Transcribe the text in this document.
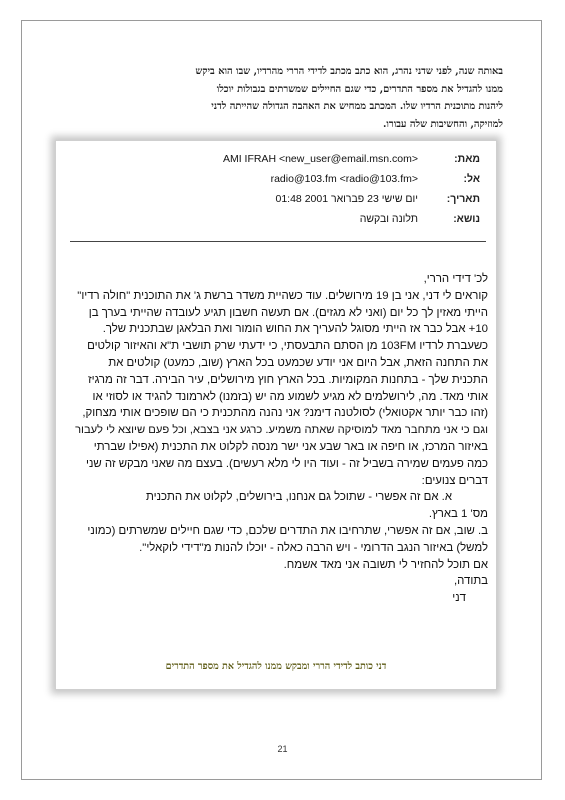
באותה שנה, לפני שדני נהרג, הוא כתב מכתב לדידי הררי מהרדיו, שבו הוא ביקש
ממנו להגדיל את מספר התדרים, כדי שגם החיילים שמשרתים בגבולות יוכלו
ליהנות מתוכנית הרדיו שלו. המכתב ממחיש את האהבה הגדולה שהייתה לדני
למוזיקה, והחשיבות שלה עבורו.
מאת:
AMI IFRAH <new_user@email.msn.com>
אל:
radio@103.fm <radio@103.fm>
תאריך:
יום שישי 23 פברואר 2001 01:48
נושא:
תלונה ובקשה
לכ' דידי הררי,
קוראים לי דני, אני בן 19 מירושלים. עוד כשהיית משדר ברשת ג' את התוכנית "חולה רדיו"
הייתי מאזין לך כל יום (ואני לא מגזים). אם תעשה חשבון תגיע לעובדה שהייתי בערך בן
10+ אבל כבר אז הייתי מסוגל להעריך את החוש הומור ואת הבלאגן שבתכנית שלך.
כשעברת לרדיו 103FM מן הסתם התבעסתי, כי ידעתי שרק תושבי ת"א והאיזור קולטים
את התחנה הזאת, אבל היום אני יודע שכמעט בכל הארץ (שוב, כמעט) קולטים את
התכנית שלך - בתחנות המקומיות. בכל הארץ חוץ מירושלים, עיר הבירה. דבר זה מרגיז
אותי מאד. מה, לירושלמים לא מגיע לשמוע מה יש (בזמנו) לארמונד להגיד או לסוזי או
(זהו כבר יותר אקטואלי) לסולטנה דימנ? אני נהנה מהתכנית כי הם שופכים אותי מצחוק,
וגם כי אני מתחבר מאד למוסיקה שאתה משמיע. כרגע אני בצבא, וכל פעם שיוצא לי לעבור
באיזור המרכז, או חיפה או באר שבע אני ישר מנסה לקלוט את התכנית (אפילו שברתי
כמה פעמים שמירה בשביל זה - ועוד היו לי מלא רעשים). בעצם מה שאני מבקש זה שני
דברים צנועים:
א. אם זה אפשרי - שתוכל גם אנחנו, בירושלים, לקלוט את התכנית
מס' 1 בארץ.
ב. שוב, אם זה אפשרי, שתרחיבו את התדרים שלכם, כדי שגם חיילים שמשרתים (כמוני
למשל) באיזור הנגב הדרומי - ויש הרבה כאלה - יוכלו להנות מ"דידי לוקאלי".
אם תוכל להחזיר לי תשובה אני מאד אשמח.
בתודה,
דני
דני כותב לדידי הררי ומבקש ממנו להגדיל את מספר התדרים
21
